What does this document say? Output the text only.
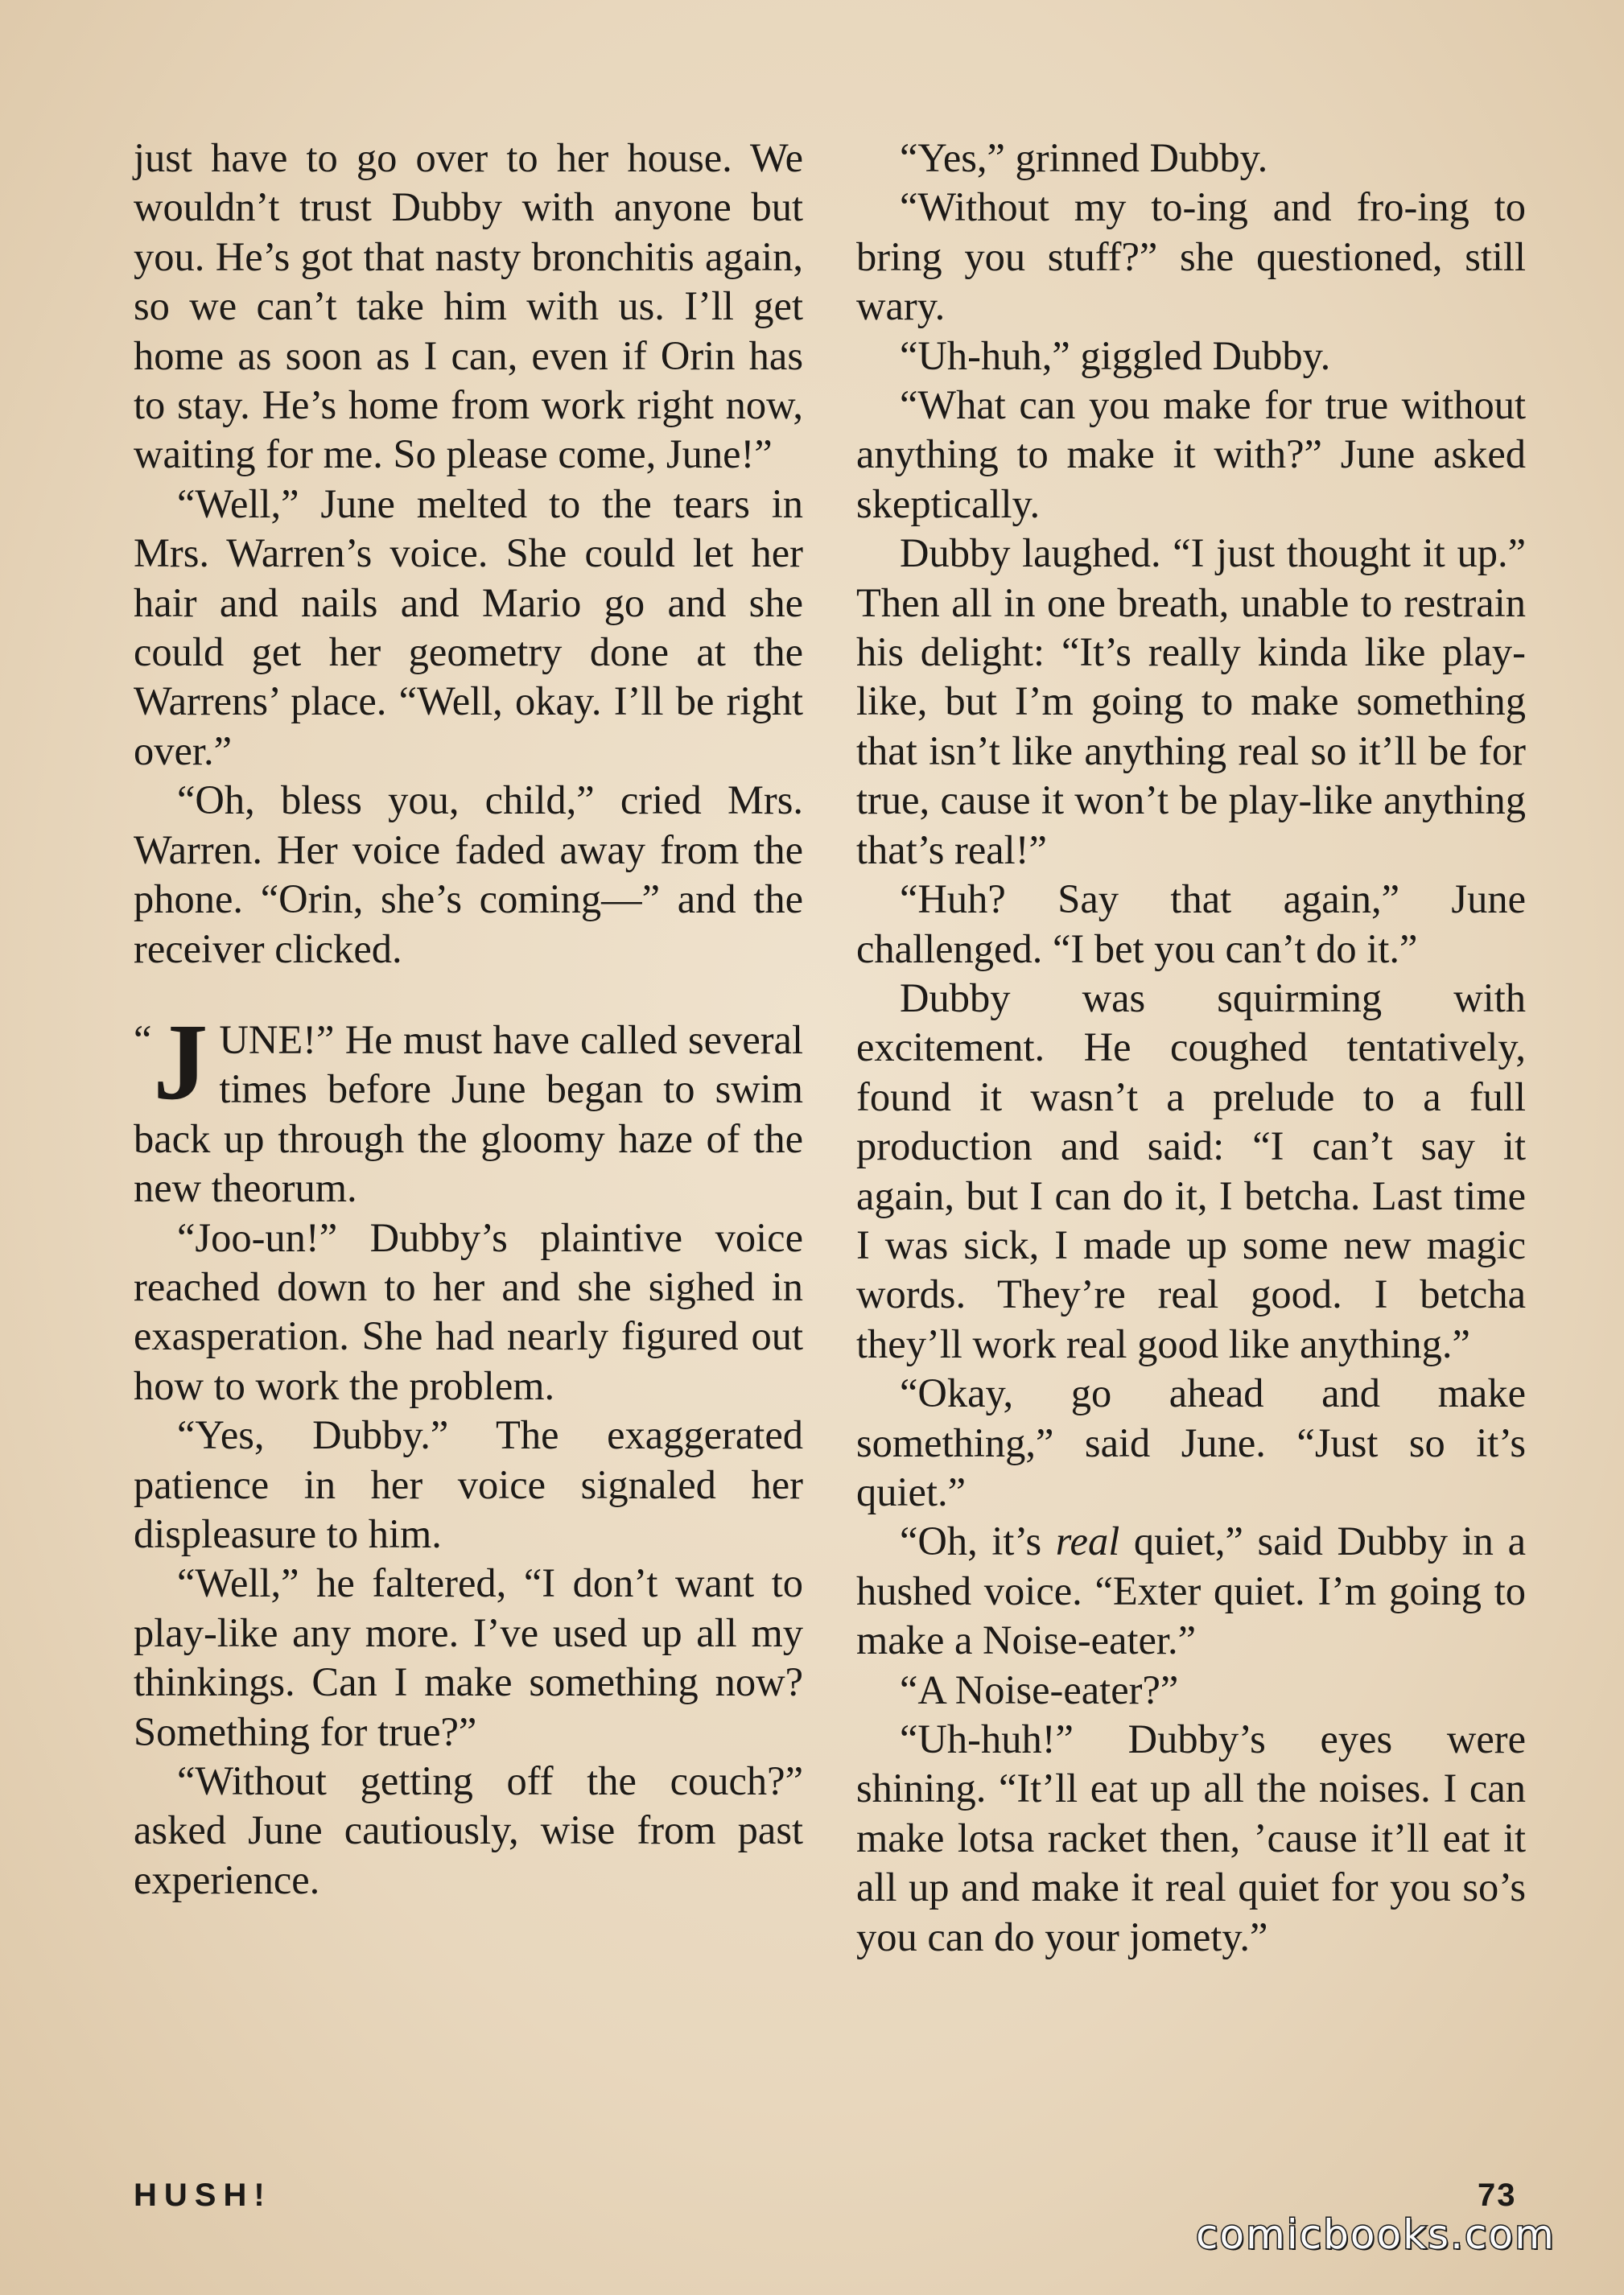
just have to go over to her house. We wouldn’t trust Dubby with anyone but you. He’s got that nasty bronchitis again, so we can’t take him with us. I’ll get home as soon as I can, even if Orin has to stay. He’s home from work right now, waiting for me. So please come, June!”

“Well,” June melted to the tears in Mrs. Warren’s voice. She could let her hair and nails and Mario go and she could get her geometry done at the Warrens’ place. “Well, okay. I’ll be right over.”

“Oh, bless you, child,” cried Mrs. Warren. Her voice faded away from the phone. “Orin, she’s coming—” and the receiver clicked.

“ J UNE!” He must have called several times before June began to swim back up through the gloomy haze of the new theorum.

“Joo-un!” Dubby’s plaintive voice reached down to her and she sighed in exasperation. She had nearly figured out how to work the problem.

“Yes, Dubby.” The exaggerated patience in her voice signaled her displeasure to him.

“Well,” he faltered, “I don’t want to play-like any more. I’ve used up all my thinkings. Can I make something now? Something for true?”

“Without getting off the couch?” asked June cautiously, wise from past experience.

“Yes,” grinned Dubby.

“Without my to-ing and fro-ing to bring you stuff?” she questioned, still wary.

“Uh-huh,” giggled Dubby.

“What can you make for true without anything to make it with?” June asked skeptically.

Dubby laughed. “I just thought it up.” Then all in one breath, unable to restrain his delight: “It’s really kinda like play-like, but I’m going to make something that isn’t like anything real so it’ll be for true, cause it won’t be play-like anything that’s real!”

“Huh? Say that again,” June challenged. “I bet you can’t do it.”

Dubby was squirming with excitement. He coughed tentatively, found it wasn’t a prelude to a full production and said: “I can’t say it again, but I can do it, I betcha. Last time I was sick, I made up some new magic words. They’re real good. I betcha they’ll work real good like anything.”

“Okay, go ahead and make something,” said June. “Just so it’s quiet.”

“Oh, it’s real quiet,” said Dubby in a hushed voice. “Exter quiet. I’m going to make a Noise-eater.”

“A Noise-eater?”

“Uh-huh!” Dubby’s eyes were shining. “It’ll eat up all the noises. I can make lotsa racket then, ’cause it’ll eat it all up and make it real quiet for you so’s you can do your jomety.”

HUSH!	73
comicbooks.com
